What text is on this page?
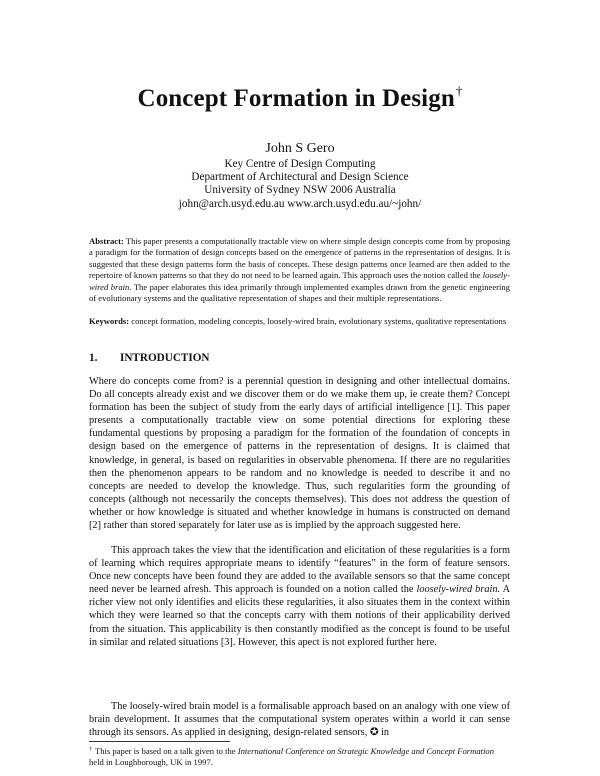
Concept Formation in Design†
John S Gero
Key Centre of Design Computing
Department of Architectural and Design Science
University of Sydney NSW 2006 Australia
john@arch.usyd.edu.au www.arch.usyd.edu.au/~john/
Abstract: This paper presents a computationally tractable view on where simple design concepts come from by proposing a paradigm for the formation of design concepts based on the emergence of patterns in the representation of designs. It is suggested that these design patterns form the basis of concepts. These design patterns once learned are then added to the repertoire of known patterns so that they do not need to be learned again. This approach uses the notion called the loosely-wired brain. The paper elaborates this idea primarily through implemented examples drawn from the genetic engineering of evolutionary systems and the qualitative representation of shapes and their multiple representations.
Keywords: concept formation, modeling concepts, loosely-wired brain, evolutionary systems, qualitative representations
1. INTRODUCTION
Where do concepts come from? is a perennial question in designing and other intellectual domains. Do all concepts already exist and we discover them or do we make them up, ie create them? Concept formation has been the subject of study from the early days of artificial intelligence [1]. This paper presents a computationally tractable view on some potential directions for exploring these fundamental questions by proposing a paradigm for the formation of the foundation of concepts in design based on the emergence of patterns in the representation of designs. It is claimed that knowledge, in general, is based on regularities in observable phenomena. If there are no regularities then the phenomenon appears to be random and no knowledge is needed to describe it and no concepts are needed to develop the knowledge. Thus, such regularities form the grounding of concepts (although not necessarily the concepts themselves). This does not address the question of whether or how knowledge is situated and whether knowledge in humans is constructed on demand [2] rather than stored separately for later use as is implied by the approach suggested here.
This approach takes the view that the identification and elicitation of these regularities is a form of learning which requires appropriate means to identify “features” in the form of feature sensors. Once new concepts have been found they are added to the available sensors so that the same concept need never be learned afresh. This approach is founded on a notion called the loosely-wired brain. A richer view not only identifies and elicits these regularities, it also situates them in the context within which they were learned so that the concepts carry with them notions of their applicability derived from the situation. This applicability is then constantly modified as the concept is found to be useful in similar and related situations [3]. However, this apect is not explored further here.
The loosely-wired brain model is a formalisable approach based on an analogy with one view of brain development. It assumes that the computational system operates within a world it can sense through its sensors. As applied in designing, design-related sensors, ✪ in
† This paper is based on a talk given to the International Conference on Strategic Knowledge and Concept Formation held in Loughborough, UK in 1997.
